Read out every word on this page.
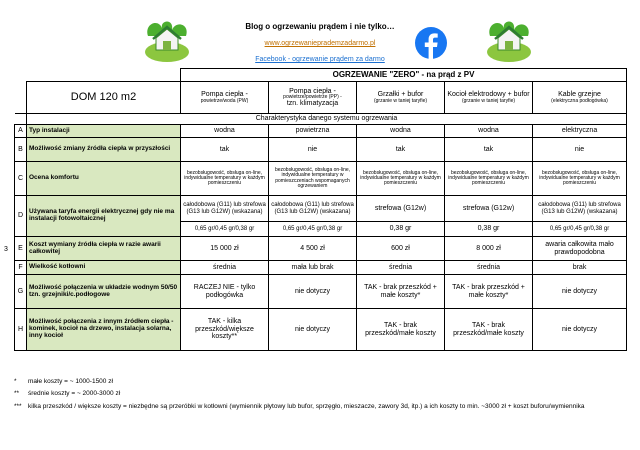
Blog o ogrzewaniu prądem i nie tylko…
www.ogrzewanieprademzadarmo.pl
Facebook - ogrzewanie prądem za darmo
3
		OGRZEWANIE "ZERO" - na prąd z PV				
	DOM 120 m2	Pompa ciepła -
powietrze/woda (PW)	Pompa ciepła -
powietrze/powietrze (PP) -
tzn. klimatyzacja	Grzałki + bufor
(grzanie w taniej taryfie)	Kocioł elektrodowy + bufor
(grzanie w taniej taryfie)	Kable grzejne
(elektryczna podłogówka)

	Charakterystyka danego systemu ogrzewania					
A	Typ instalacji	wodna	powietrzna	wodna	wodna	elektryczna
B	Możliwość zmiany źródła ciepła w przyszłości	tak	nie	tak	tak	nie
C	Ocena komfortu	bezobsługowość, obsługa on-line, indywidualne temperatury w każdym pomieszczeniu	bezobsługowość, obsługa on-line, indywidualne temperatury w pomieszczeniach wspomaganych ogrzewaniem	bezobsługowość, obsługa on-line, indywidualne temperatury w każdym pomieszczeniu	bezobsługowość, obsługa on-line, indywidualne temperatury w każdym pomieszczeniu	bezobsługowość, obsługa on-line, indywidualne temperatury w każdym pomieszczeniu
D	Używana taryfa energii elektrycznej gdy nie ma instalacji fotowoltaicznej	całodobowa (G11) lub strefowa (G13 lub G12W) (wskazana)	całodobowa (G11) lub strefowa (G13 lub G12W) (wskazana)	strefowa (G12w)	strefowa (G12w)	całodobowa (G11) lub strefowa (G13 lub G12W) (wskazana)
		0,65 gr/0,45 gr/0,38 gr	0,65 gr/0,45 gr/0,38 gr	0,38 gr	0,38 gr	0,65 gr/0,45 gr/0,38 gr
E	Koszt wymiany źródła ciepła w razie awarii całkowitej	15 000 zł	4 500 zł	600 zł	8 000 zł	awaria całkowita mało prawdopodobna
F	Wielkość kotłowni	średnia	mała lub brak	średnia	średnia	brak
G	Możliwość połączenia w układzie wodnym 50/50 tzn. grzejniki/c.podłogowe	RACZEJ NIE - tylko podłogówka	nie dotyczy	TAK - brak przeszkód + małe koszty*	TAK - brak przeszkód + małe koszty*	nie dotyczy
H	Możliwość połączenia z innym źródłem ciepła - kominek, kocioł na drzewo, instalacja solarna, inny kocioł	TAK - kilka przeszkód/większe koszty**	nie dotyczy	TAK - brak przeszkód/małe koszty	TAK - brak przeszkód/małe koszty	nie dotyczy
* małe koszty = ~ 1000-1500 zł
** średnie koszty = ~ 2000-3000 zł
*** kilka przeszkód / większe koszty = niezbędne są przeróbki w kotłowni (wymiennik płytowy lub bufor, sprzęgło, mieszacze, zawory 3d, itp.) a ich koszty to min. ~3000 zł + koszt buforu/wymiennika
